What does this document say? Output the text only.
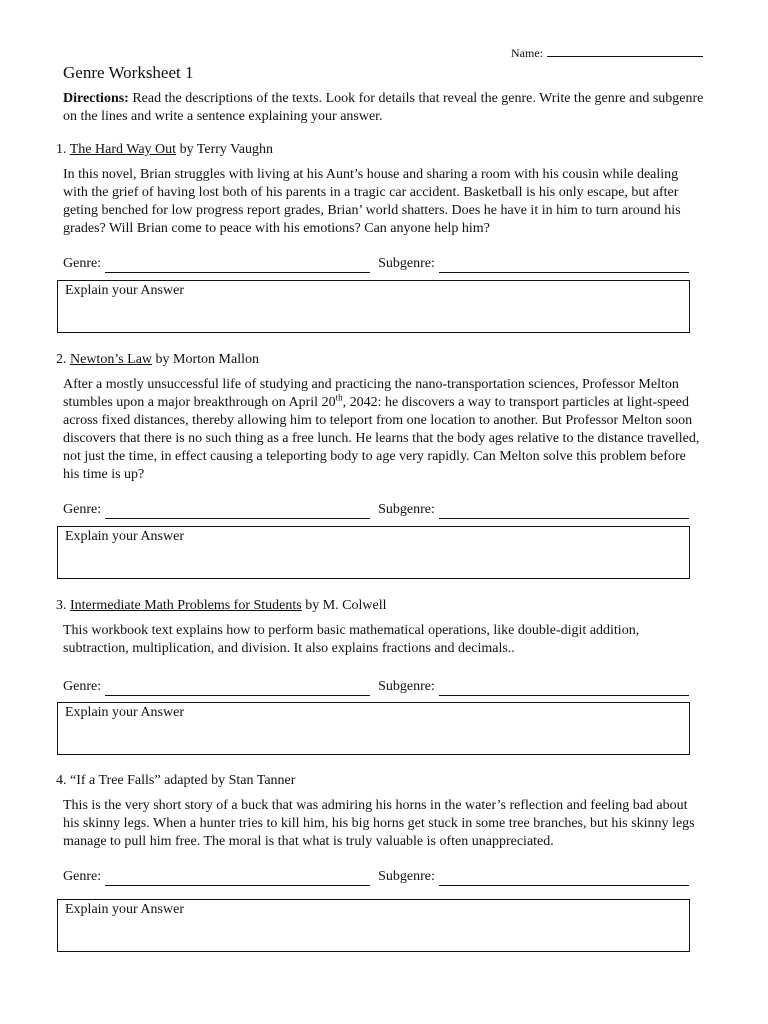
Name:
Genre Worksheet 1

Directions: Read the descriptions of the texts. Look for details that reveal the genre. Write the genre and subgenre on the lines and write a sentence explaining your answer.

1. The Hard Way Out by Terry Vaughn

In this novel, Brian struggles with living at his Aunt’s house and sharing a room with his cousin while dealing with the grief of having lost both of his parents in a tragic car accident. Basketball is his only escape, but after geting benched for low progress report grades, Brian’ world shatters. Does he have it in him to turn around his grades? Will Brian come to peace with his emotions? Can anyone help him?

Genre:	Subgenre:
Explain your Answer

2. Newton’s Law by Morton Mallon

After a mostly unsuccessful life of studying and practicing the nano-transportation sciences, Professor Melton stumbles upon a major breakthrough on April 20th, 2042: he discovers a way to transport particles at light-speed across fixed distances, thereby allowing him to teleport from one location to another. But Professor Melton soon discovers that there is no such thing as a free lunch. He learns that the body ages relative to the distance travelled, not just the time, in effect causing a teleporting body to age very rapidly. Can Melton solve this problem before his time is up?

Genre:	Subgenre:
Explain your Answer

3. Intermediate Math Problems for Students by M. Colwell

This workbook text explains how to perform basic mathematical operations, like double-digit addition, subtraction, multiplication, and division. It also explains fractions and decimals..

Genre:	Subgenre:
Explain your Answer

4. “If a Tree Falls” adapted by Stan Tanner

This is the very short story of a buck that was admiring his horns in the water’s reflection and feeling bad about his skinny legs. When a hunter tries to kill him, his big horns get stuck in some tree branches, but his skinny legs manage to pull him free. The moral is that what is truly valuable is often unappreciated.

Genre:	Subgenre:
Explain your Answer
